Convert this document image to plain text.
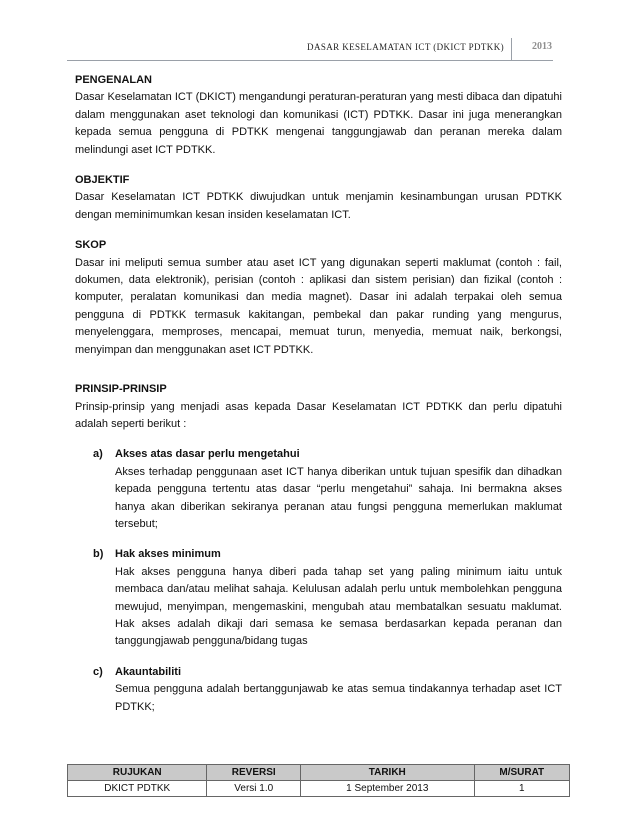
DASAR KESELAMATAN ICT (DKICT PDTKK)	2013
PENGENALAN

Dasar Keselamatan ICT (DKICT) mengandungi peraturan-peraturan yang mesti dibaca dan dipatuhi dalam menggunakan aset teknologi dan komunikasi (ICT) PDTKK. Dasar ini juga menerangkan kepada semua pengguna di PDTKK mengenai tanggungjawab dan peranan mereka dalam melindungi aset ICT PDTKK.

OBJEKTIF

Dasar Keselamatan ICT PDTKK diwujudkan untuk menjamin kesinambungan urusan PDTKK dengan meminimumkan kesan insiden keselamatan ICT.

SKOP

Dasar ini meliputi semua sumber atau aset ICT yang digunakan seperti maklumat (contoh : fail, dokumen, data elektronik), perisian (contoh : aplikasi dan sistem perisian) dan fizikal (contoh : komputer, peralatan komunikasi dan media magnet). Dasar ini adalah terpakai oleh semua pengguna di PDTKK termasuk kakitangan, pembekal dan pakar runding yang mengurus, menyelenggara, memproses, mencapai, memuat turun, menyedia, memuat naik, berkongsi, menyimpan dan menggunakan aset ICT PDTKK.

PRINSIP-PRINSIP

Prinsip-prinsip yang menjadi asas kepada Dasar Keselamatan ICT PDTKK dan perlu dipatuhi adalah seperti berikut :

a) Akses atas dasar perlu mengetahui

Akses terhadap penggunaan aset ICT hanya diberikan untuk tujuan spesifik dan dihadkan kepada pengguna tertentu atas dasar “perlu mengetahui” sahaja. Ini bermakna akses hanya akan diberikan sekiranya peranan atau fungsi pengguna memerlukan maklumat tersebut;

b) Hak akses minimum

Hak akses pengguna hanya diberi pada tahap set yang paling minimum iaitu untuk membaca dan/atau melihat sahaja. Kelulusan adalah perlu untuk membolehkan pengguna mewujud, menyimpan, mengemaskini, mengubah atau membatalkan sesuatu maklumat. Hak akses adalah dikaji dari semasa ke semasa berdasarkan kepada peranan dan tanggungjawab pengguna/bidang tugas

c) Akauntabiliti

Semua pengguna adalah bertanggunjawab ke atas semua tindakannya terhadap aset ICT PDTKK;

RUJUKAN	REVERSI	TARIKH	M/SURAT
DKICT PDTKK	Versi 1.0	1 September 2013	1
